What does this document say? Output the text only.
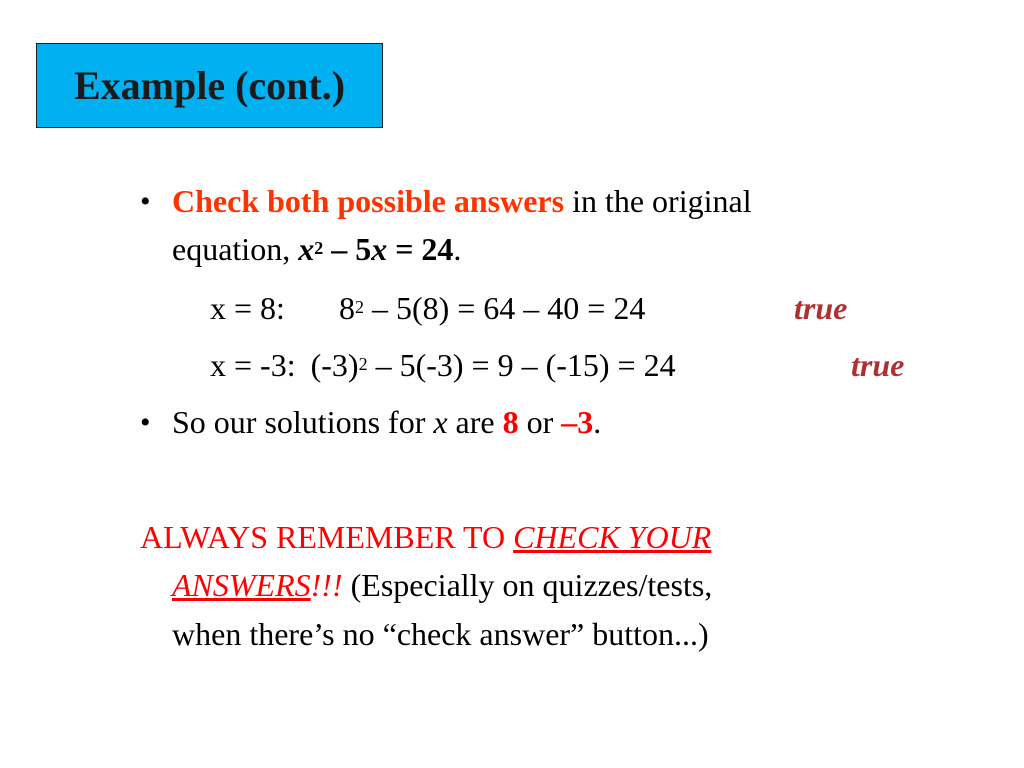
Example (cont.)
• Check both possible answers in the original
equation, $x^2 - 5x = 24$.
x = 8: $8^2 - 5(8) = 64 - 40 = 24$	true
x = -3: $(-3)^2 - 5(-3) = 9 - (-15) = 24$	true
• So our solutions for x are 8 or –3.
ALWAYS REMEMBER TO CHECK YOUR
ANSWERS!!! (Especially on quizzes/tests,
when there’s no “check answer” button...)
